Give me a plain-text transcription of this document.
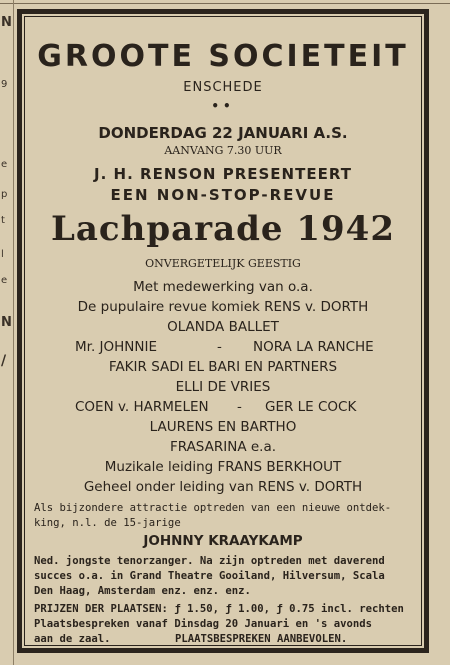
N
9
e
p
t
l
e
N
/
GROOTE SOCIETEIT
ENSCHEDE
••
DONDERDAG 22 JANUARI A.S.
AANVANG 7.30 UUR
J. H. RENSON PRESENTEERT
EEN NON-STOP-REVUE
Lachparade 1942
ONVERGETELIJK GEESTIG
Met medewerking van o.a.
De pupulaire revue komiek RENS v. DORTH
OLANDA BALLET
Mr. JOHNNIE	- NORA LA RANCHE
FAKIR SADI EL BARI EN PARTNERS
ELLI DE VRIES
COEN v. HARMELEN - GER LE COCK
LAURENS EN BARTHO
FRASARINA e.a.
Muzikale leiding FRANS BERKHOUT
Geheel onder leiding van RENS v. DORTH
Als bijzondere attractie optreden van een nieuwe ontdek-
king, n.l. de 15-jarige
JOHNNY KRAAYKAMP
Ned. jongste tenorzanger. Na zijn optreden met daverend
succes o.a. in Grand Theatre Gooiland, Hilversum, Scala
Den Haag, Amsterdam enz. enz. enz.
PRIJZEN DER PLAATSEN: ƒ 1.50, ƒ 1.00, ƒ 0.75 incl. rechten
Plaatsbespreken vanaf Dinsdag 20 Januari en 's avonds
aan de zaal.	PLAATSBESPREKEN AANBEVOLEN.
